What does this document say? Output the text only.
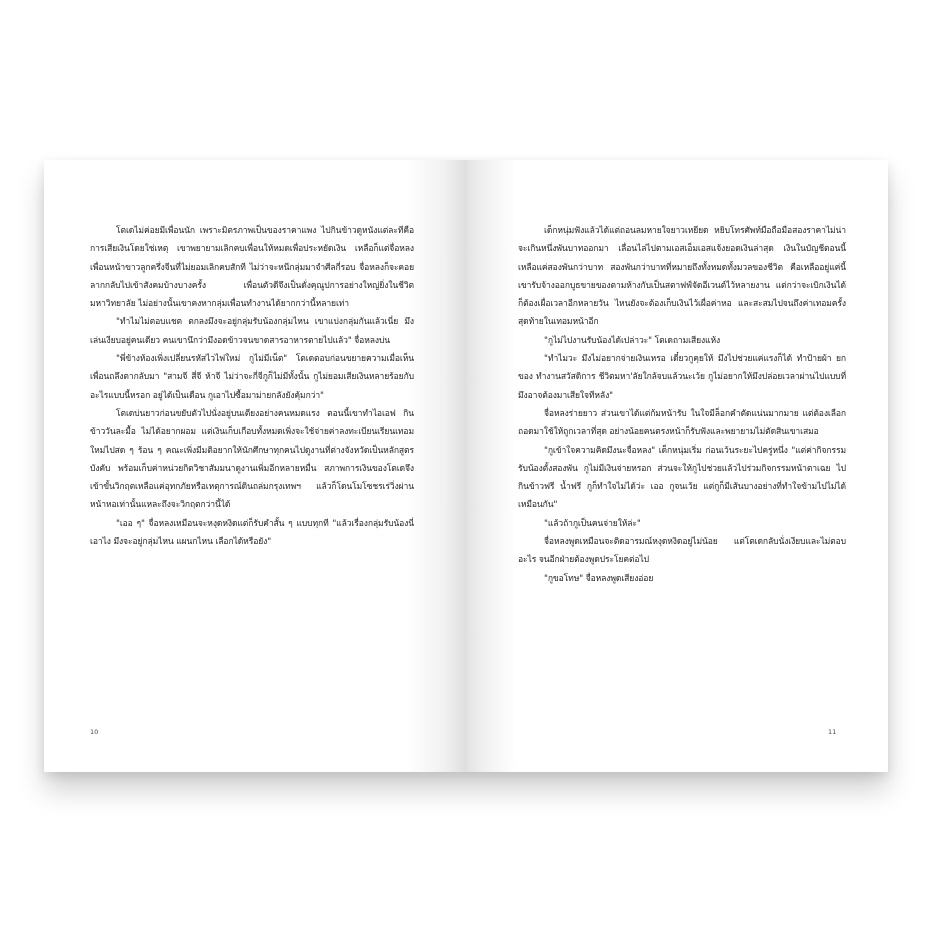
โตเดไม่ค่อยมีเพื่อนนัก เพราะมิตรภาพเป็นของราคาแพง ไปกินข้าวดูหนังแต่ละทีคือการเสียเงินโดยใช่เหตุ เขาพยายามเลิกคบเพื่อนให้หมดเพื่อประหยัดเงิน เหลือก็แต่จื่อหลง เพื่อนหน้าขาวลูกครึ่งจีนที่ไม่ยอมเลิกคบสักที ไม่ว่าจะหนีกลุ่มมาจำศีลกี่รอบ จื่อหลงก็จะคอยลากกลับไปเข้าสังคมบ้างบางครั้ง เพื่อนตัวดีจึงเป็นดั่งคุณูปการอย่างใหญ่ยิ่งในชีวิตมหาวิทยาลัย ไม่อย่างนั้นเขาคงหากลุ่มเพื่อนทำงานได้ยากกว่านี้หลายเท่า

"ทำไมไม่ตอบแชต ตกลงมึงจะอยู่กลุ่มรับน้องกลุ่มไหน เขาแบ่งกลุ่มกันแล้วเนี่ย มึงเล่นเงียบอยู่คนเดียว คนเขานึกว่ามึงอดข้าวจนขาดสารอาหารตายไปแล้ว" จื่อหลงบ่น

"พี่ข้างห้องเพิ่งเปลี่ยนรหัสไวไฟใหม่ กูไม่มีเน็ต" โตเดตอบก่อนขยายความเมื่อเห็นเพื่อนถลึงตากลับมา "สามจี สี่จี ห้าจี ไม่ว่าจะกี่จีกูก็ไม่มีทั้งนั้น กูไม่ยอมเสียเงินหลายร้อยกับอะไรแบบนี้หรอก อยู่ได้เป็นเดือน กูเอาไปซื้อมาม่ายกลังยังคุ้มกว่า"

โตเดบ่นยาวก่อนขยับตัวไปนั่งอยู่บนเตียงอย่างคนหมดแรง ตอนนี้เขาทำไอเอฟ กินข้าววันละมื้อ ไม่ได้อยากผอม แต่เงินเก็บเกือบทั้งหมดเพิ่งจะใช้จ่ายค่าลงทะเบียนเรียนเทอมใหม่ไปสด ๆ ร้อน ๆ คณะเพิ่งมีมติอยากให้นักศึกษาทุกคนไปดูงานที่ต่างจังหวัดเป็นหลักสูตรบังคับ พร้อมเก็บค่าหน่วยกิตวิชาสัมมนาดูงานเพิ่มอีกหลายหมื่น สภาพการเงินของโตเดจึงเข้าขั้นวิกฤตเหลือแค่อุทกภัยหรือเหตุการณ์ดินถล่มกรุงเทพฯ แล้วก็โดนโมโซชรเร่วิ่งผ่านหน้าหอเท่านั้นแหละถึงจะวิกฤตกว่านี้ได้

"เออ ๆ" จื่อหลงเหมือนจะหงุดหงิดแต่ก็รับคำสั้น ๆ แบบทุกที "แล้วเรื่องกลุ่มรับน้องนี่เอาไง มึงจะอยู่กลุ่มไหน แผนกไหน เลือกได้หรือยัง"

10

เด็กหนุ่มฟังแล้วได้แต่ถอนลมหายใจยาวเหยียด หยิบโทรศัพท์มือถือมือสองราคาไม่น่าจะเกินหนึ่งพันบาทออกมา เลื่อนไล่ไปตามเอสเอ็มเอสแจ้งยอดเงินล่าสุด เงินในบัญชีตอนนี้เหลือแค่สองพันกว่าบาท สองพันกว่าบาทที่หมายถึงทั้งหมดทั้งมวลของชีวิต คือเหลืออยู่แค่นี้ เขารับจ้างออกบูธขายของตามห้างกับเป็นสตาฟฟ์จัดอีเวนต์ไว้หลายงาน แต่กว่าจะเบิกเงินได้ก็ต้องเผื่อเวลาอีกหลายวัน ไหนยังจะต้องเก็บเงินไว้เผื่อค่าหอ และสะสมไปจนถึงค่าเทอมครั้งสุดท้ายในเทอมหน้าอีก

"กูไม่ไปงานรับน้องได้เปล่าวะ" โตเดถามเสียงแห้ง

"ทำไมวะ มึงไม่อยากจ่ายเงินเหรอ เดี๋ยวกูคุยให้ มึงไปช่วยแค่แรงก็ได้ ทำป้ายผ้า ยกของ ทำงานสวัสดิการ ชีวิตมหา'ลัยใกล้จบแล้วนะเว้ย กูไม่อยากให้มึงปล่อยเวลาผ่านไปแบบที่มึงอาจต้องมาเสียใจทีหลัง"

จื่อหลงร่ายยาว ส่วนเขาได้แต่ก้มหน้ารับ ในใจมีล็อกคำตัดแน่นมากมาย แต่ต้องเลือกถอดมาใช้ให้ถูกเวลาที่สุด อย่างน้อยคนตรงหน้าก็รับฟังและพยายามไม่ตัดสินเขาเสมอ

"กูเข้าใจความคิดมึงนะจื่อหลง" เด็กหนุ่มเริ่ม ก่อนเว้นระยะไปครู่หนึ่ง "แต่ค่ากิจกรรมรับน้องตั้งสองพัน กูไม่มีเงินจ่ายหรอก ส่วนจะให้กูไปช่วยแล้วไปร่วมกิจกรรมหน้าตาเฉย ไปกินข้าวฟรี น้ำฟรี กูก็ทำใจไม่ได้ว่ะ เออ กูจนเว้ย แต่กูก็มีเส้นบางอย่างที่ทำใจข้ามไปไม่ได้เหมือนกัน"

"แล้วถ้ากูเป็นคนจ่ายให้ล่ะ"

จื่อหลงพูดเหมือนจะติดอารมณ์หงุดหงิดอยู่ไม่น้อย แต่โตเดกลับนั่งเงียบและไม่ตอบอะไร จนอีกฝ่ายต้องพูดประโยคต่อไป

"กูขอโทษ" จื่อหลงพูดเสียงอ่อย

11
